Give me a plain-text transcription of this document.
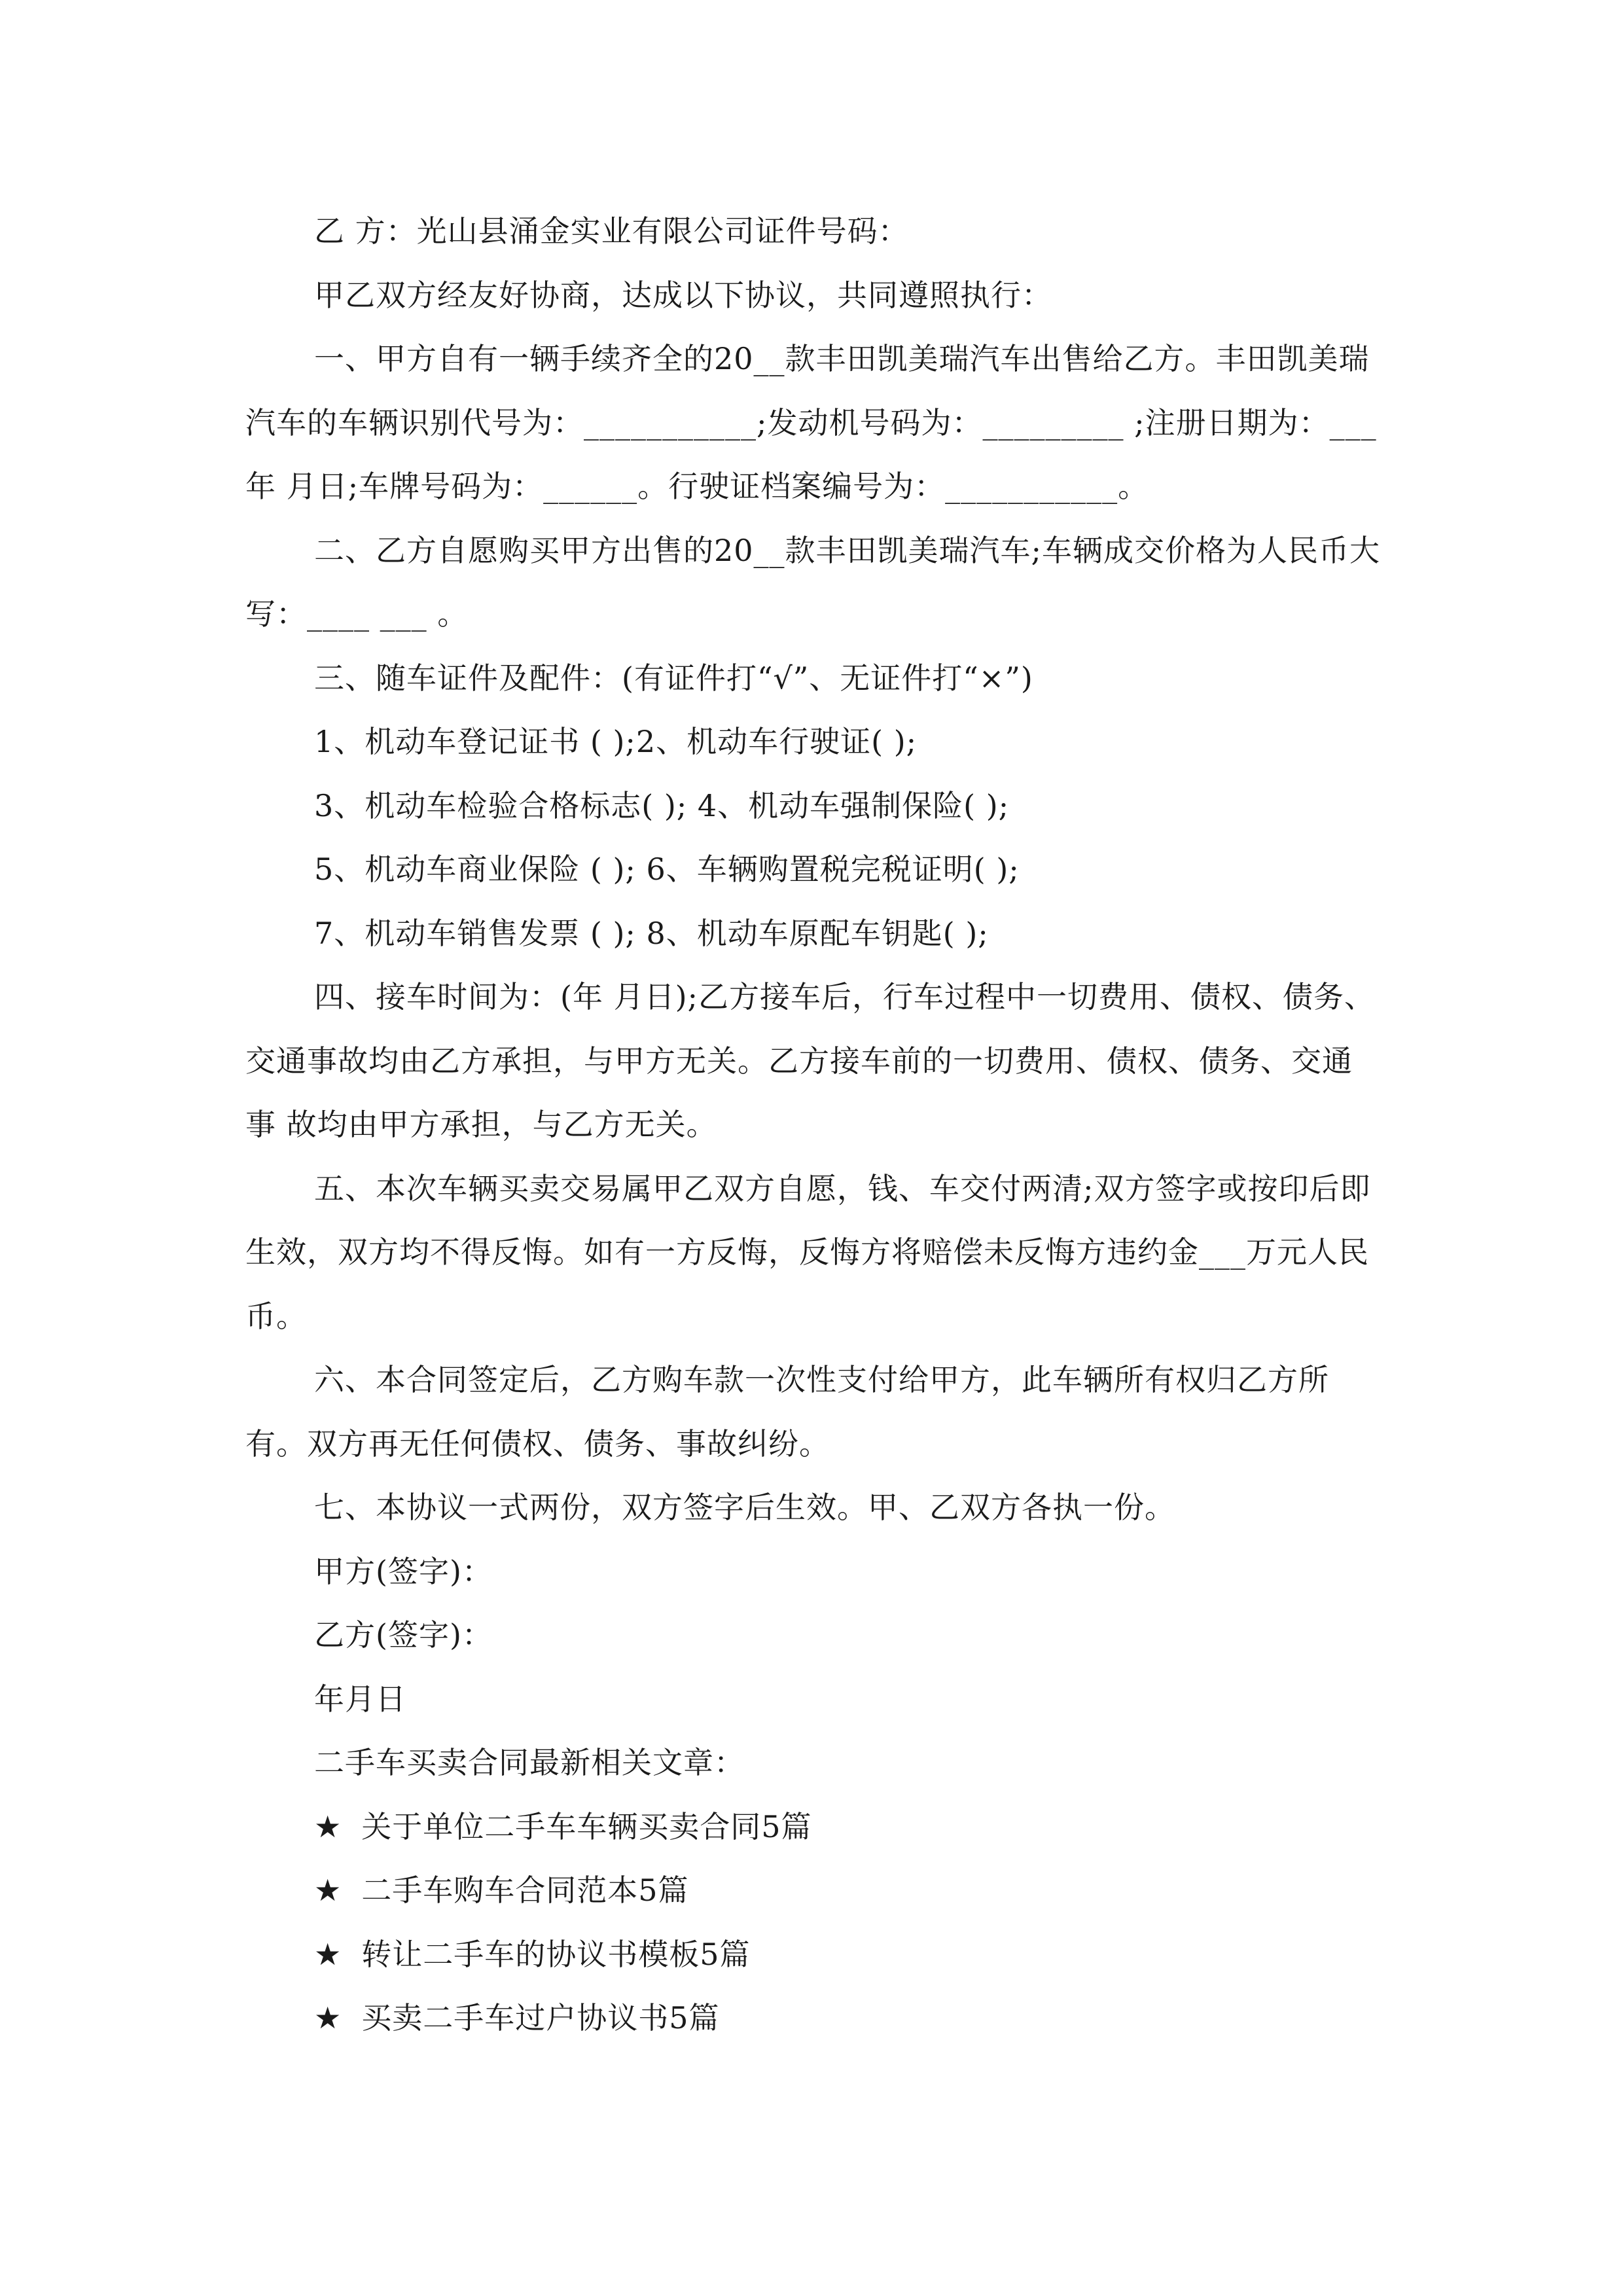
乙 方：光山县涌金实业有限公司证件号码：

甲乙双方经友好协商，达成以下协议，共同遵照执行：

一、甲方自有一辆手续齐全的20__款丰田凯美瑞汽车出售给乙方。丰田凯美瑞汽车的车辆识别代号为：___________;发动机号码为：_________ ;注册日期为：___年 月日;车牌号码为：______。行驶证档案编号为：___________。

二、乙方自愿购买甲方出售的20__款丰田凯美瑞汽车;车辆成交价格为人民币大写：____ ___ 。

三、随车证件及配件：(有证件打“√”、无证件打“×”)

1、机动车登记证书 ( );2、机动车行驶证( );

3、机动车检验合格标志( ); 4、机动车强制保险( );

5、机动车商业保险 ( ); 6、车辆购置税完税证明( );

7、机动车销售发票 ( ); 8、机动车原配车钥匙( );

四、接车时间为：(年 月日);乙方接车后，行车过程中一切费用、债权、债务、交通事故均由乙方承担，与甲方无关。乙方接车前的一切费用、债权、债务、交通事 故均由甲方承担，与乙方无关。

五、本次车辆买卖交易属甲乙双方自愿，钱、车交付两清;双方签字或按印后即生效，双方均不得反悔。如有一方反悔，反悔方将赔偿未反悔方违约金___万元人民币。

六、本合同签定后，乙方购车款一次性支付给甲方，此车辆所有权归乙方所有。双方再无任何债权、债务、事故纠纷。

七、本协议一式两份，双方签字后生效。甲、乙双方各执一份。

甲方(签字)：

乙方(签字)：

年月日

二手车买卖合同最新相关文章：

★ 关于单位二手车车辆买卖合同5篇

★ 二手车购车合同范本5篇

★ 转让二手车的协议书模板5篇

★ 买卖二手车过户协议书5篇
